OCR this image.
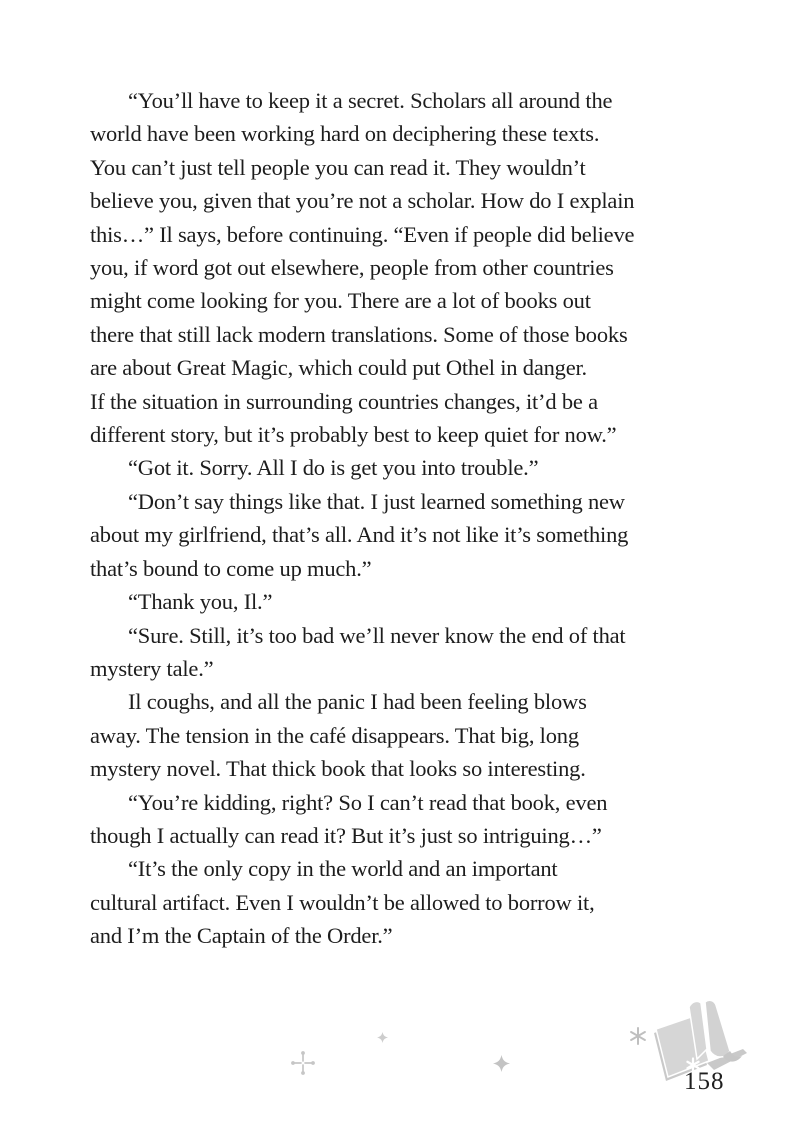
“You’ll have to keep it a secret. Scholars all around the
world have been working hard on deciphering these texts.
You can’t just tell people you can read it. They wouldn’t
believe you, given that you’re not a scholar. How do I explain
this…” Il says, before continuing. “Even if people did believe
you, if word got out elsewhere, people from other countries
might come looking for you. There are a lot of books out
there that still lack modern translations. Some of those books
are about Great Magic, which could put Othel in danger.
If the situation in surrounding countries changes, it’d be a
different story, but it’s probably best to keep quiet for now.”
“Got it. Sorry. All I do is get you into trouble.”
“Don’t say things like that. I just learned something new
about my girlfriend, that’s all. And it’s not like it’s something
that’s bound to come up much.”
“Thank you, Il.”
“Sure. Still, it’s too bad we’ll never know the end of that
mystery tale.”
Il coughs, and all the panic I had been feeling blows
away. The tension in the café disappears. That big, long
mystery novel. That thick book that looks so interesting.
“You’re kidding, right? So I can’t read that book, even
though I actually can read it? But it’s just so intriguing…”
“It’s the only copy in the world and an important
cultural artifact. Even I wouldn’t be allowed to borrow it,
and I’m the Captain of the Order.”
158
